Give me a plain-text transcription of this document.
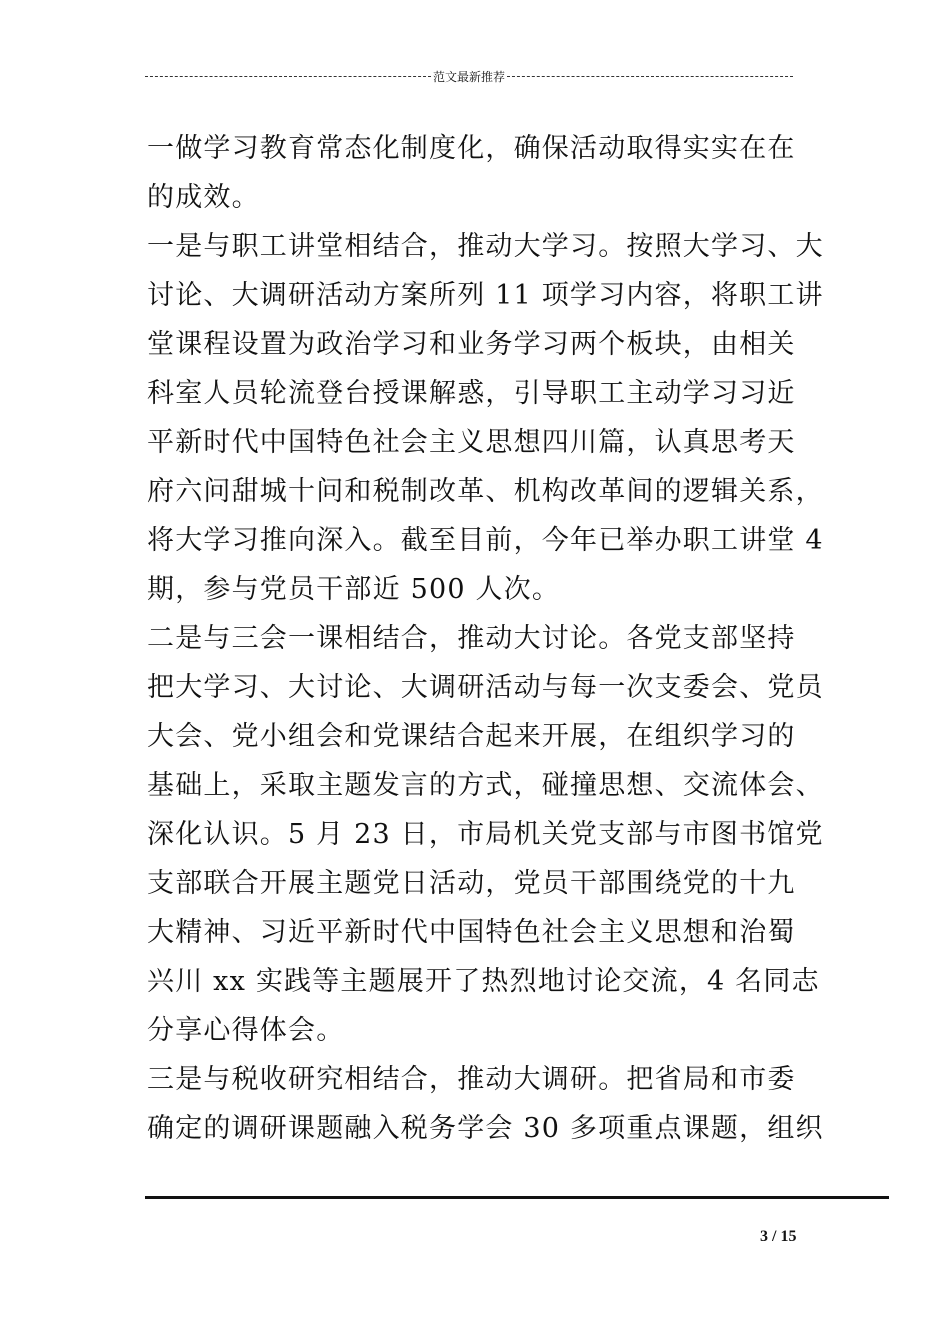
范文最新推荐
一做学习教育常态化制度化，确保活动取得实实在在
的成效。
一是与职工讲堂相结合，推动大学习。按照大学习、大
讨论、大调研活动方案所列 11 项学习内容，将职工讲
堂课程设置为政治学习和业务学习两个板块，由相关
科室人员轮流登台授课解惑，引导职工主动学习习近
平新时代中国特色社会主义思想四川篇，认真思考天
府六问甜城十问和税制改革、机构改革间的逻辑关系，
将大学习推向深入。截至目前，今年已举办职工讲堂 4
期，参与党员干部近 500 人次。
二是与三会一课相结合，推动大讨论。各党支部坚持
把大学习、大讨论、大调研活动与每一次支委会、党员
大会、党小组会和党课结合起来开展，在组织学习的
基础上，采取主题发言的方式，碰撞思想、交流体会、
深化认识。5 月 23 日，市局机关党支部与市图书馆党
支部联合开展主题党日活动，党员干部围绕党的十九
大精神、习近平新时代中国特色社会主义思想和治蜀
兴川 xx 实践等主题展开了热烈地讨论交流，4 名同志
分享心得体会。
三是与税收研究相结合，推动大调研。把省局和市委
确定的调研课题融入税务学会 30 多项重点课题，组织
3 / 15
